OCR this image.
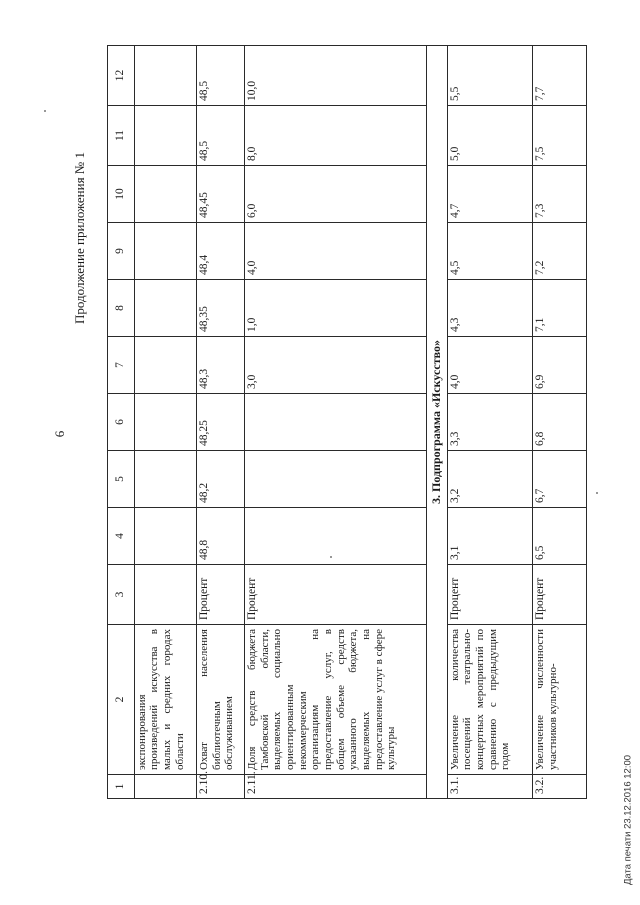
6
Продолжение приложения № 1
Дата печати 23.12.2016 12:00
1	2	3	4	5	6	7	8	9	10	11	12
	экспонирования произведений искусства в малых и средних городах области										
2.10.	Охват населения библиотечным обслуживанием	Процент	48,8	48,2	48,25	48,3	48,35	48,4	48,45	48,5	48,5
2.11.	Доля средств бюджета Тамбовской области, выделяемых социально ориентированным некоммерческим организациям на предоставление услуг, в общем объеме средств указанного бюджета, выделяемых на предоставление услуг в сфере культуры	Процент				3,0	1,0	4,0	6,0	8,0	10,0
3. Подпрограмма «Искусство»											
3.1.	Увеличение количества посещений театрально-концертных мероприятий по сравнению с предыдущим годом	Процент	3,1	3,2	3,3	4,0	4,3	4,5	4,7	5,0	5,5
3.2.	Увеличение численности участников культурно-	Процент	6,5	6,7	6,8	6,9	7,1	7,2	7,3	7,5	7,7
